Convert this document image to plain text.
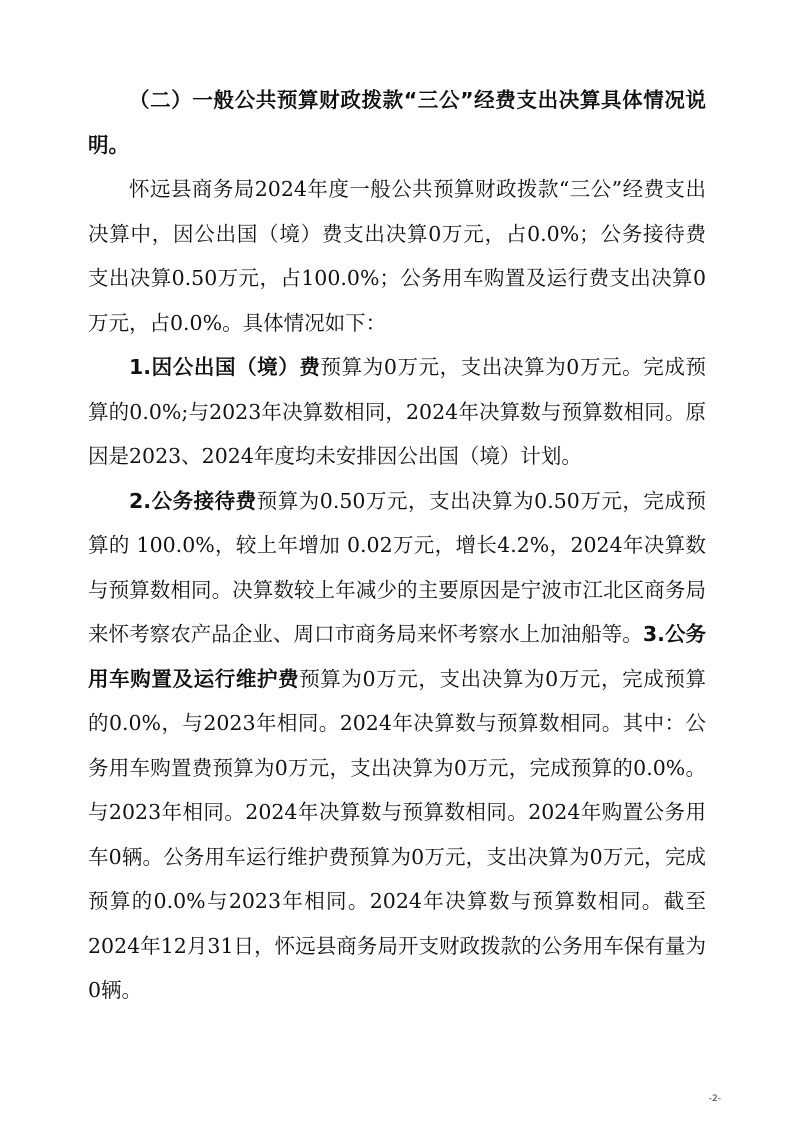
（二）一般公共预算财政拨款“三公”经费支出决算具体情况说明。

怀远县商务局2024年度一般公共预算财政拨款“三公”经费支出决算中，因公出国（境）费支出决算0万元，占0.0%；公务接待费支出决算0.50万元，占100.0%；公务用车购置及运行费支出决算0万元，占0.0%。具体情况如下：

1.因公出国（境）费预算为0万元，支出决算为0万元。完成预算的0.0%;与2023年决算数相同，2024年决算数与预算数相同。原因是2023、2024年度均未安排因公出国（境）计划。

2.公务接待费预算为0.50万元，支出决算为0.50万元，完成预算的 100.0%，较上年增加 0.02万元，增长4.2%，2024年决算数与预算数相同。决算数较上年减少的主要原因是宁波市江北区商务局来怀考察农产品企业、周口市商务局来怀考察水上加油船等。3.公务用车购置及运行维护费预算为0万元，支出决算为0万元，完成预算的0.0%，与2023年相同。2024年决算数与预算数相同。其中：公务用车购置费预算为0万元，支出决算为0万元，完成预算的0.0%。与2023年相同。2024年决算数与预算数相同。2024年购置公务用车0辆。公务用车运行维护费预算为0万元，支出决算为0万元，完成预算的0.0%与2023年相同。2024年决算数与预算数相同。截至2024年12月31日，怀远县商务局开支财政拨款的公务用车保有量为0辆。

-2-
